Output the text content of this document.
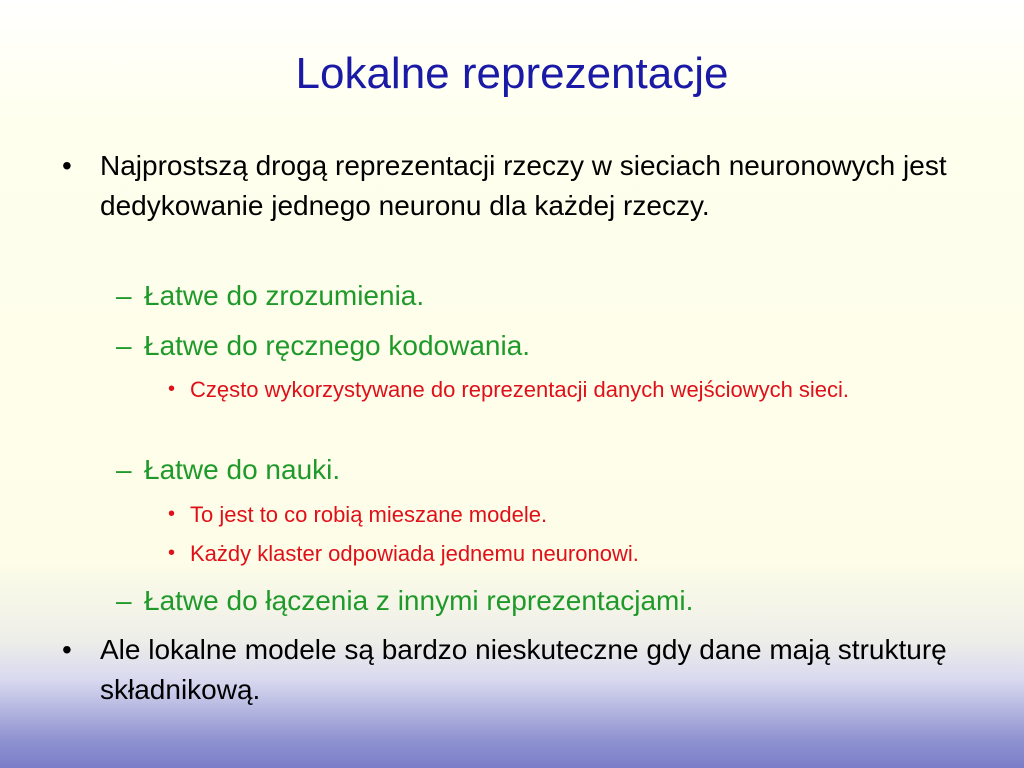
Lokalne reprezentacje
• Najprostszą drogą reprezentacji rzeczy w sieciach neuronowych jest dedykowanie jednego neuronu dla każdej rzeczy.
– Łatwe do zrozumienia.
– Łatwe do ręcznego kodowania.
• Często wykorzystywane do reprezentacji danych wejściowych sieci.
– Łatwe do nauki.
• To jest to co robią mieszane modele.
• Każdy klaster odpowiada jednemu neuronowi.
– Łatwe do łączenia z innymi reprezentacjami.
• Ale lokalne modele są bardzo nieskuteczne gdy dane mają strukturę składnikową.
